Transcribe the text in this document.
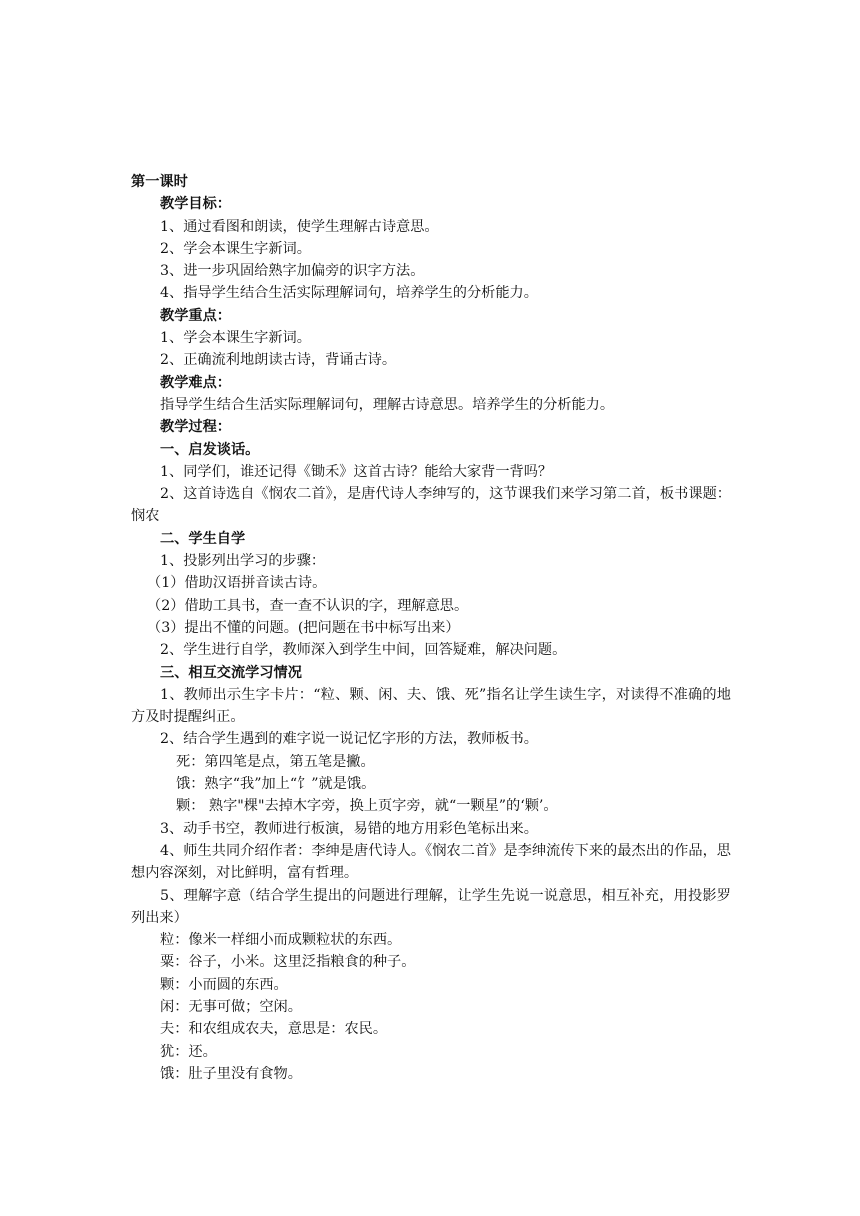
第一课时
教学目标：
1、通过看图和朗读，使学生理解古诗意思。
2、学会本课生字新词。
3、进一步巩固给熟字加偏旁的识字方法。
4、指导学生结合生活实际理解词句，培养学生的分析能力。
教学重点：
1、学会本课生字新词。
2、正确流利地朗读古诗，背诵古诗。
教学难点：
指导学生结合生活实际理解词句，理解古诗意思。培养学生的分析能力。
教学过程：
一、启发谈话。
1、同学们，谁还记得《锄禾》这首古诗？能给大家背一背吗？
2、这首诗选自《悯农二首》，是唐代诗人李绅写的，这节课我们来学习第二首，板书课题：悯农
二、学生自学
1、投影列出学习的步骤：
（1）借助汉语拼音读古诗。
（2）借助工具书，查一查不认识的字，理解意思。
（3）提出不懂的问题。(把问题在书中标写出来）
2、学生进行自学，教师深入到学生中间，回答疑难，解决问题。
三、相互交流学习情况
1、教师出示生字卡片：“粒、颗、闲、夫、饿、死”指名让学生读生字，对读得不准确的地方及时提醒纠正。
2、结合学生遇到的难字说一说记忆字形的方法，教师板书。
死：第四笔是点，第五笔是撇。
饿：熟字“我”加上“饣”就是饿。
颗： 熟字"棵"去掉木字旁，换上页字旁，就“一颗星”的‘颗’。
3、动手书空，教师进行板演，易错的地方用彩色笔标出来。
4、师生共同介绍作者：李绅是唐代诗人。《悯农二首》是李绅流传下来的最杰出的作品，思想内容深刻，对比鲜明，富有哲理。
5、理解字意（结合学生提出的问题进行理解，让学生先说一说意思，相互补充，用投影罗列出来）
粒：像米一样细小而成颗粒状的东西。
粟：谷子，小米。这里泛指粮食的种子。
颗：小而圆的东西。
闲：无事可做；空闲。
夫：和农组成农夫，意思是：农民。
犹：还。
饿：肚子里没有食物。
